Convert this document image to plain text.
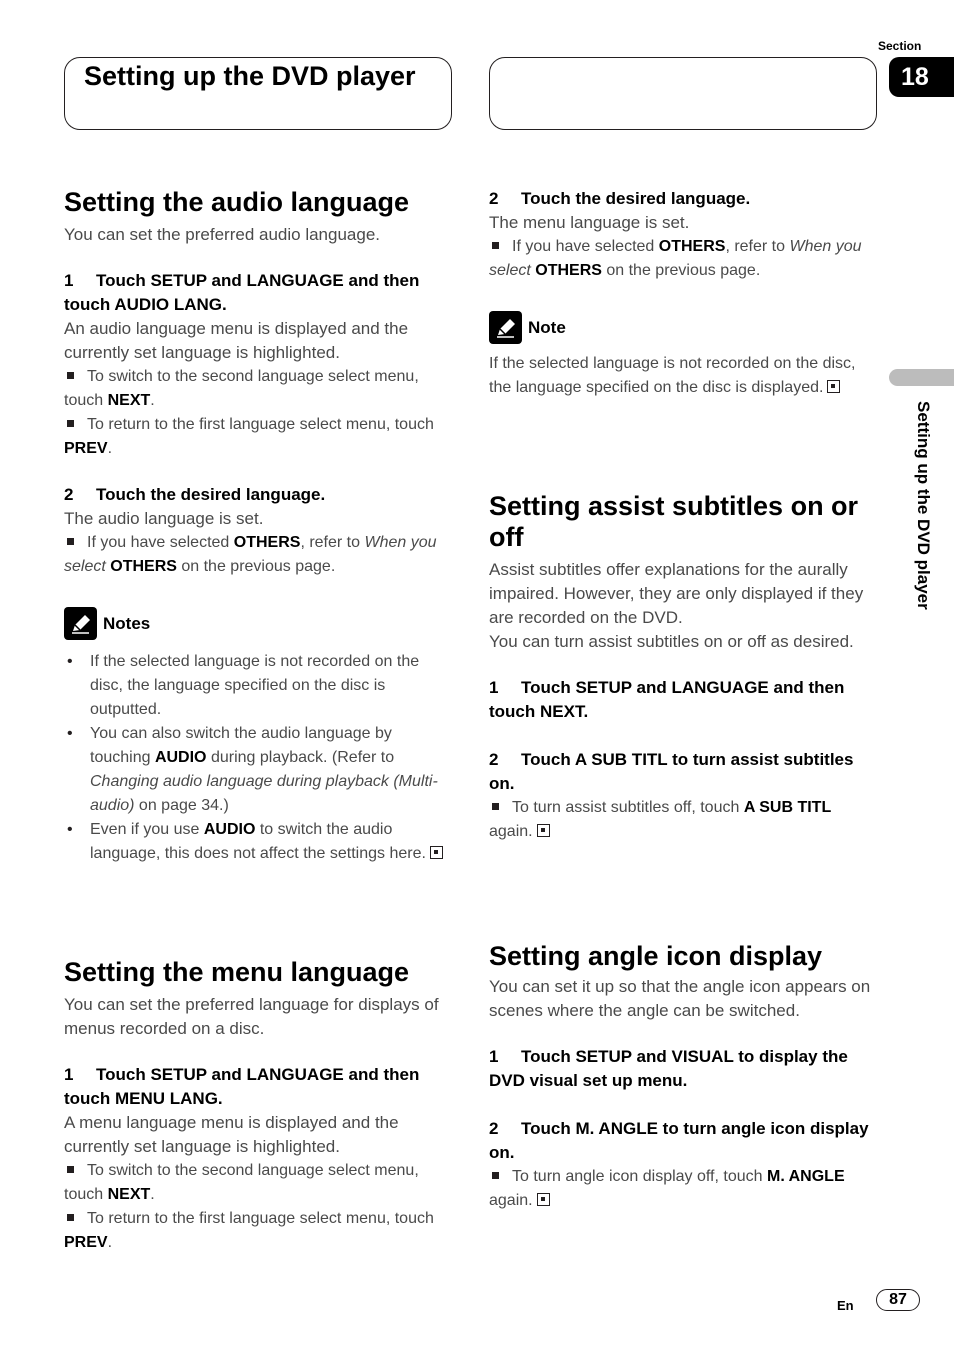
Setting up the DVD player
Section
18
Setting up the DVD player
Setting the audio language

You can set the preferred audio language.

1 Touch SETUP and LANGUAGE and then touch AUDIO LANG.

An audio language menu is displayed and the currently set language is highlighted.

To switch to the second language select menu, touch NEXT.

To return to the first language select menu, touch PREV.

2 Touch the desired language.

The audio language is set.

If you have selected OTHERS, refer to When you select OTHERS on the previous page.

Notes
• If the selected language is not recorded on the disc, the language specified on the disc is outputted.
• You can also switch the audio language by touching AUDIO during playback. (Refer to Changing audio language during playback (Multi-audio) on page 34.)
• Even if you use AUDIO to switch the audio language, this does not affect the settings here.
Setting the menu language

You can set the preferred language for displays of menus recorded on a disc.

1 Touch SETUP and LANGUAGE and then touch MENU LANG.

A menu language menu is displayed and the currently set language is highlighted.

To switch to the second language select menu, touch NEXT.

To return to the first language select menu, touch PREV.

2 Touch the desired language.

The menu language is set.

If you have selected OTHERS, refer to When you select OTHERS on the previous page.

Note

If the selected language is not recorded on the disc, the language specified on the disc is displayed.

Setting assist subtitles on or off

Assist subtitles offer explanations for the aurally impaired. However, they are only displayed if they are recorded on the DVD.

You can turn assist subtitles on or off as desired.

1 Touch SETUP and LANGUAGE and then touch NEXT.

2 Touch A SUB TITL to turn assist subtitles on.

To turn assist subtitles off, touch A SUB TITL again.

Setting angle icon display

You can set it up so that the angle icon appears on scenes where the angle can be switched.

1 Touch SETUP and VISUAL to display the DVD visual set up menu.

2 Touch M. ANGLE to turn angle icon display on.

To turn angle icon display off, touch M. ANGLE again.

En	87
